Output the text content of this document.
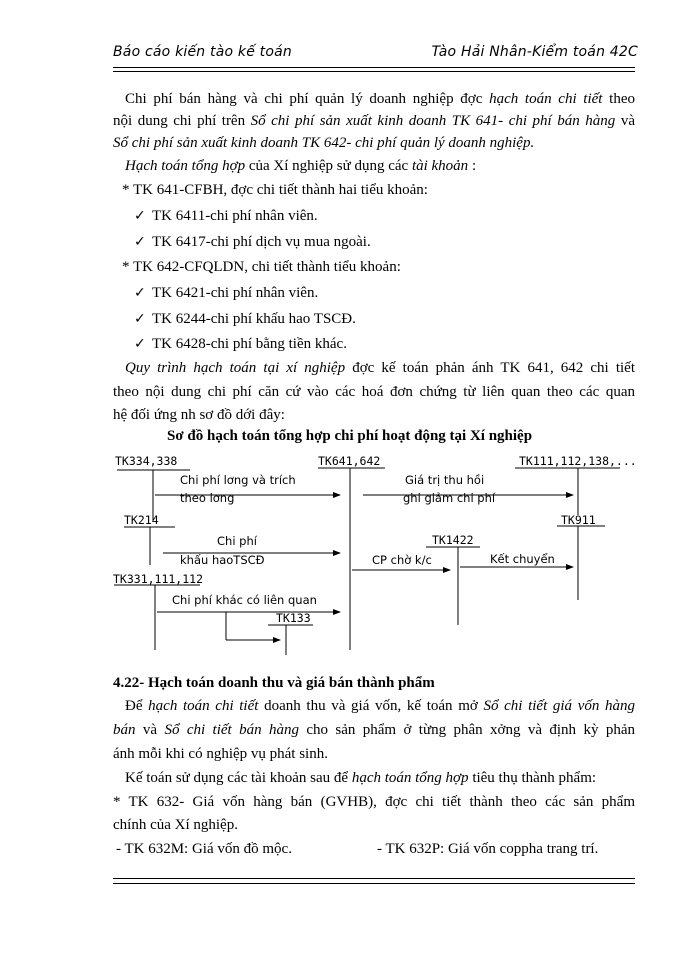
Báo cáo kiến tào kế toán	Tào Hải Nhân-Kiểm toán 42C
Chi phí bán hàng và chi phí quản lý doanh nghiệp đợc hạch toán chi tiết theo
nội dung chi phí trên Sổ chi phí sản xuất kinh doanh TK 641- chi phí bán hàng và
Sổ chi phí sản xuất kinh doanh TK 642- chi phí quản lý doanh nghiệp.
Hạch toán tổng hợp của Xí nghiệp sử dụng các tài khoản :
* TK 641-CFBH, đợc chi tiết thành hai tiểu khoản:
✓ TK 6411-chi phí nhân viên.
✓ TK 6417-chi phí dịch vụ mua ngoài.
* TK 642-CFQLDN, chi tiết thành tiểu khoản:
✓ TK 6421-chi phí nhân viên.
✓ TK 6244-chi phí khấu hao TSCĐ.
✓ TK 6428-chi phí bằng tiền khác.
Quy trình hạch toán tại xí nghiệp đợc kế toán phản ánh TK 641, 642 chi tiết
theo nội dung chi phí căn cứ vào các hoá đơn chứng từ liên quan theo các quan
hệ đối ứng nh sơ đồ dới đây:
Sơ đồ hạch toán tổng hợp chi phí hoạt động tại Xí nghiệp
TK334,338	TK641,642	TK111,112,138,...
Chi phí lơng và trích
theo lơng
Giá trị thu hồi
ghi giảm chi phí
TK214	TK911
Chi phí
khấu haoTSCĐ
TK1422
CP chờ k/c	Kết chuyển
TK331,111,112
Chi phí khác có liên quan
TK133
4.22- Hạch toán doanh thu và giá bán thành phẩm
Để hạch toán chi tiết doanh thu và giá vốn, kế toán mở Sổ chi tiết giá vốn hàng
bán và Sổ chi tiết bán hàng cho sản phẩm ở từng phân xởng và định kỳ phản
ánh mỗi khi có nghiệp vụ phát sinh.
Kế toán sử dụng các tài khoản sau để hạch toán tổng hợp tiêu thụ thành phẩm:
* TK 632- Giá vốn hàng bán (GVHB), đợc chi tiết thành theo các sản phẩm
chính của Xí nghiệp.
- TK 632M: Giá vốn đồ mộc.	- TK 632P: Giá vốn coppha trang trí.
